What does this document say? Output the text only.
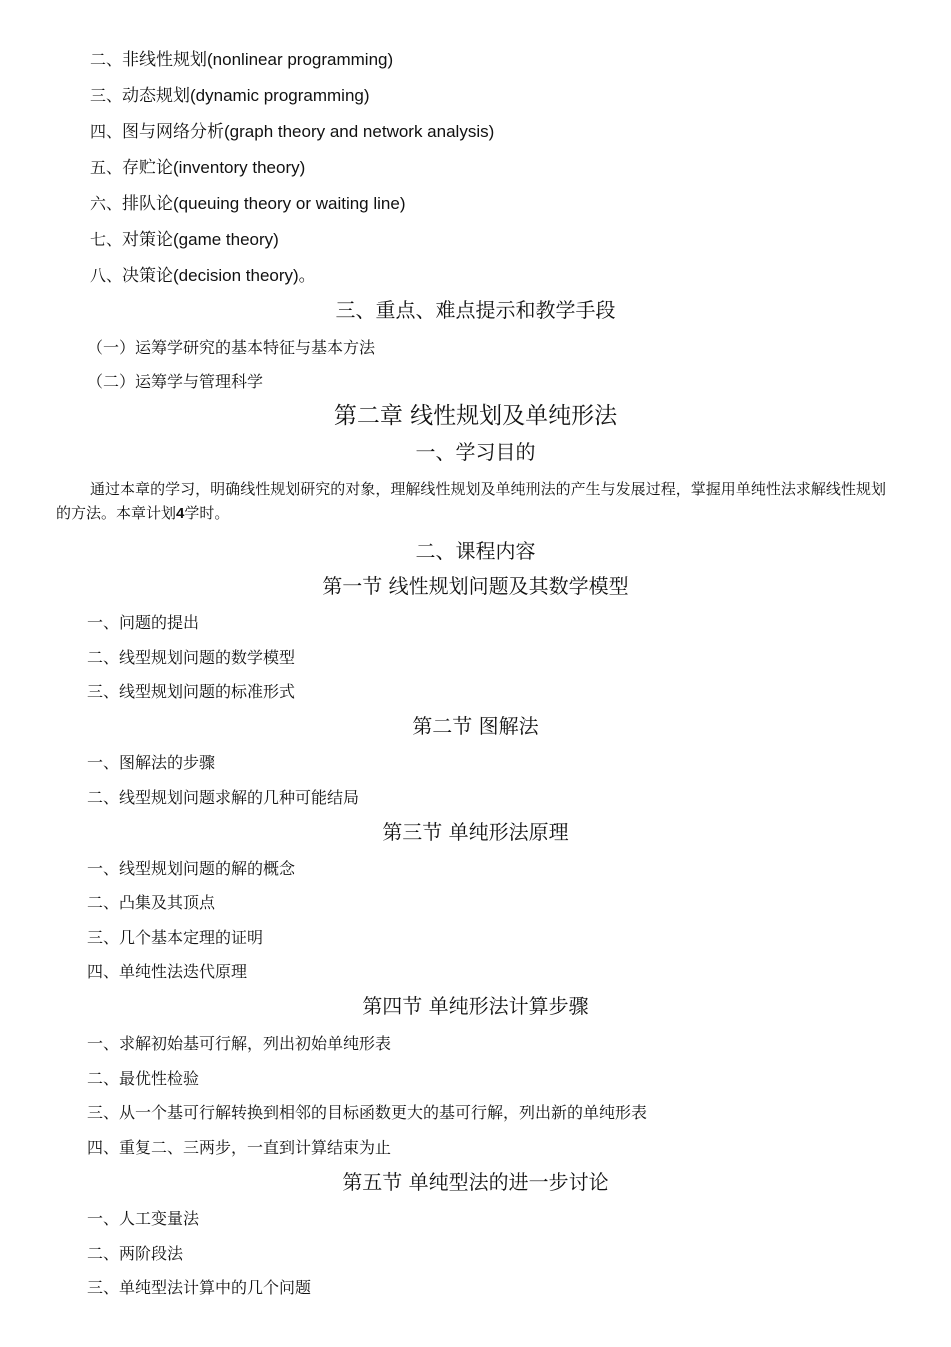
二、非线性规划(nonlinear programming)
三、动态规划(dynamic programming)
四、图与网络分析(graph theory and network analysis)
五、存贮论(inventory theory)
六、排队论(queuing theory or waiting line)
七、对策论(game theory)
八、决策论(decision theory)。
三、重点、难点提示和教学手段
（一）运筹学研究的基本特征与基本方法
（二）运筹学与管理科学
第二章 线性规划及单纯形法
一、学习目的
通过本章的学习，明确线性规划研究的对象，理解线性规划及单纯刑法的产生与发展过程，掌握用单纯性法求解线性规划的方法。本章计划4学时。
二、课程内容
第一节 线性规划问题及其数学模型
一、问题的提出
二、线型规划问题的数学模型
三、线型规划问题的标准形式
第二节 图解法
一、图解法的步骤
二、线型规划问题求解的几种可能结局
第三节 单纯形法原理
一、线型规划问题的解的概念
二、凸集及其顶点
三、几个基本定理的证明
四、单纯性法迭代原理
第四节 单纯形法计算步骤
一、求解初始基可行解，列出初始单纯形表
二、最优性检验
三、从一个基可行解转换到相邻的目标函数更大的基可行解，列出新的单纯形表
四、重复二、三两步，一直到计算结束为止
第五节 单纯型法的进一步讨论
一、人工变量法
二、两阶段法
三、单纯型法计算中的几个问题
